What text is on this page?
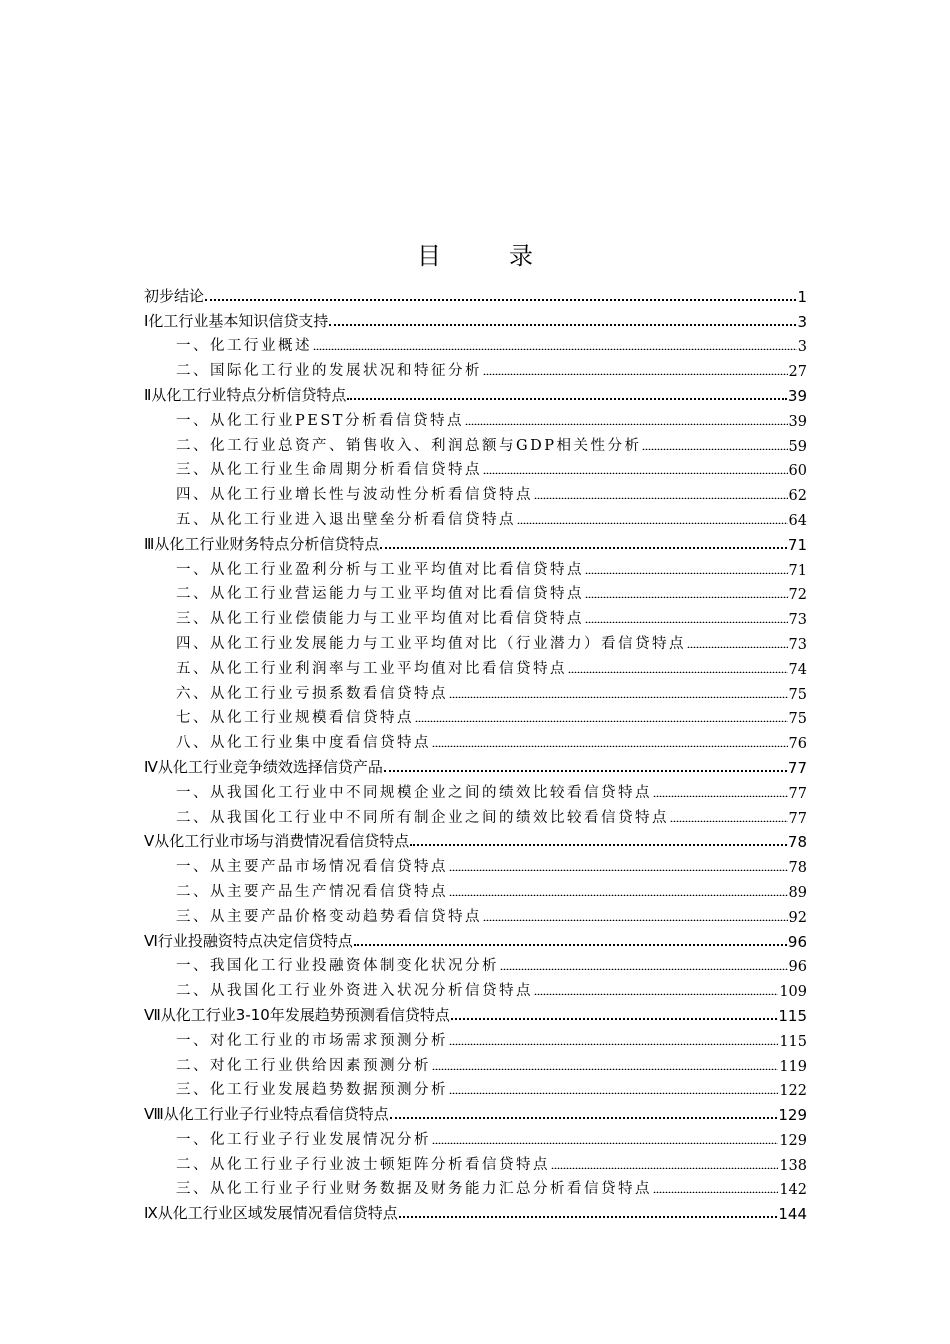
目　录
初步结论	1
Ⅰ化工行业基本知识信贷支持	3
一、化工行业概述	3
二、国际化工行业的发展状况和特征分析	27
Ⅱ从化工行业特点分析信贷特点	39
一、从化工行业PEST分析看信贷特点	39
二、化工行业总资产、销售收入、利润总额与GDP相关性分析	59
三、从化工行业生命周期分析看信贷特点	60
四、从化工行业增长性与波动性分析看信贷特点	62
五、从化工行业进入退出壁垒分析看信贷特点	64
Ⅲ从化工行业财务特点分析信贷特点	71
一、从化工行业盈利分析与工业平均值对比看信贷特点	71
二、从化工行业营运能力与工业平均值对比看信贷特点	72
三、从化工行业偿债能力与工业平均值对比看信贷特点	73
四、从化工行业发展能力与工业平均值对比（行业潜力）看信贷特点	73
五、从化工行业利润率与工业平均值对比看信贷特点	74
六、从化工行业亏损系数看信贷特点	75
七、从化工行业规模看信贷特点	75
八、从化工行业集中度看信贷特点	76
Ⅳ从化工行业竞争绩效选择信贷产品	77
一、从我国化工行业中不同规模企业之间的绩效比较看信贷特点	77
二、从我国化工行业中不同所有制企业之间的绩效比较看信贷特点	77
Ⅴ从化工行业市场与消费情况看信贷特点	78
一、从主要产品市场情况看信贷特点	78
二、从主要产品生产情况看信贷特点	89
三、从主要产品价格变动趋势看信贷特点	92
Ⅵ行业投融资特点决定信贷特点	96
一、我国化工行业投融资体制变化状况分析	96
二、从我国化工行业外资进入状况分析信贷特点	109
Ⅶ从化工行业3-10年发展趋势预测看信贷特点	115
一、对化工行业的市场需求预测分析	115
二、对化工行业供给因素预测分析	119
三、化工行业发展趋势数据预测分析	122
Ⅷ从化工行业子行业特点看信贷特点	129
一、化工行业子行业发展情况分析	129
二、从化工行业子行业波士顿矩阵分析看信贷特点	138
三、从化工行业子行业财务数据及财务能力汇总分析看信贷特点	142
Ⅸ从化工行业区域发展情况看信贷特点	144
